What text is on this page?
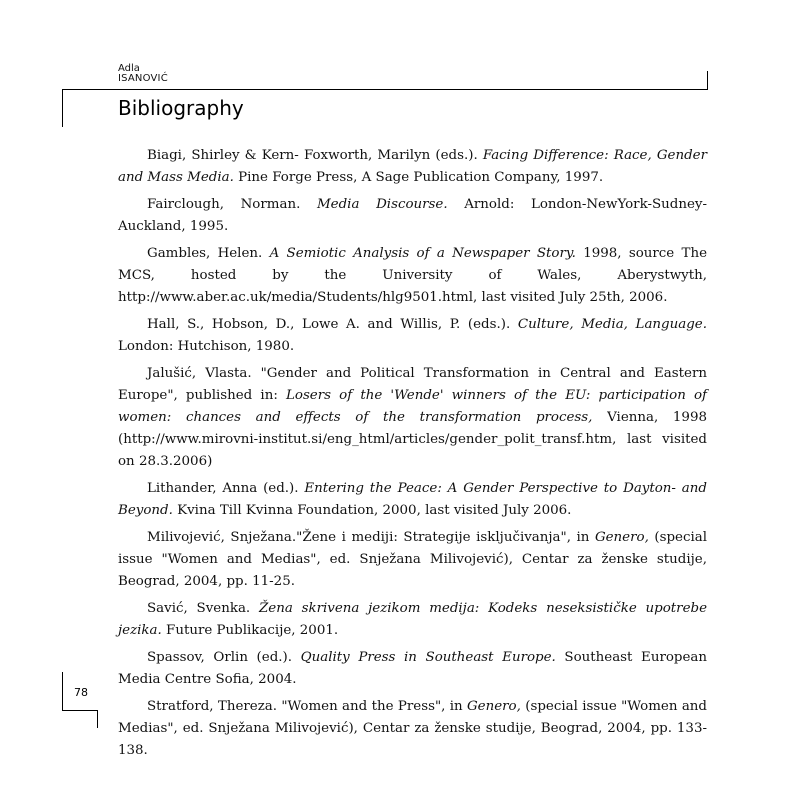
Adla
ISANOVIĆ
Bibliography

Biagi, Shirley & Kern- Foxworth, Marilyn (eds.). Facing Difference: Race, Gender and Mass Media. Pine Forge Press, A Sage Publication Company, 1997.

Fairclough, Norman. Media Discourse. Arnold: London-NewYork-Sudney-Auckland, 1995.

Gambles, Helen. A Semiotic Analysis of a Newspaper Story. 1998, source The MCS, hosted by the University of Wales, Aberystwyth, http://www.aber.ac.uk/media/Students/hlg9501.html, last visited July 25th, 2006.

Hall, S., Hobson, D., Lowe A. and Willis, P. (eds.). Culture, Media, Language. London: Hutchison, 1980.

Jalušić, Vlasta. "Gender and Political Transformation in Central and Eastern Europe", published in: Losers of the 'Wende' winners of the EU: participation of women: chances and effects of the transformation process, Vienna, 1998 (http://www.mirovni-institut.si/eng_html/articles/gender_polit_transf.htm, last visited on 28.3.2006)

Lithander, Anna (ed.). Entering the Peace: A Gender Perspective to Dayton- and Beyond. Kvina Till Kvinna Foundation, 2000, last visited July 2006.

Milivojević, Snježana."Žene i mediji: Strategije isključivanja", in Genero, (special issue "Women and Medias", ed. Snježana Milivojević), Centar za ženske studije, Beograd, 2004, pp. 11-25.

Savić, Svenka. Žena skrivena jezikom medija: Kodeks neseksističke upotrebe jezika. Future Publikacije, 2001.

Spassov, Orlin (ed.). Quality Press in Southeast Europe. Southeast European Media Centre Sofia, 2004.

Stratford, Thereza. "Women and the Press", in Genero, (special issue "Women and Medias", ed. Snježana Milivojević), Centar za ženske studije, Beograd, 2004, pp. 133-138.

78
